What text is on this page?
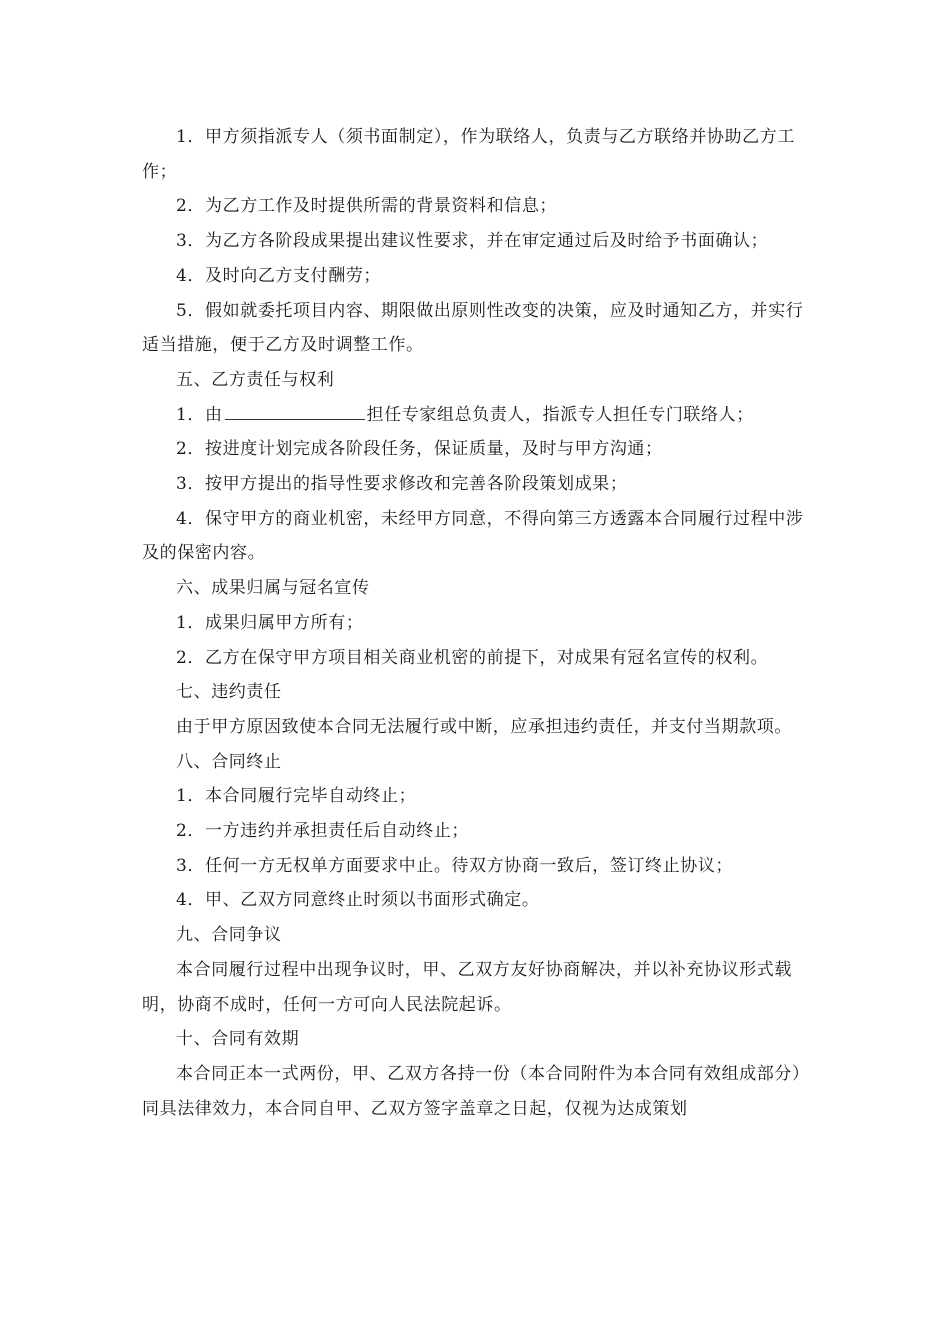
1．甲方须指派专人（须书面制定），作为联络人，负责与乙方联络并协助乙方工作；

2．为乙方工作及时提供所需的背景资料和信息；

3．为乙方各阶段成果提出建议性要求，并在审定通过后及时给予书面确认；

4．及时向乙方支付酬劳；

5．假如就委托项目内容、期限做出原则性改变的决策，应及时通知乙方，并实行适当措施，便于乙方及时调整工作。

五、乙方责任与权利

1．由	担任专家组总负责人，指派专人担任专门联络人；

2．按进度计划完成各阶段任务，保证质量，及时与甲方沟通；

3．按甲方提出的指导性要求修改和完善各阶段策划成果；

4．保守甲方的商业机密，未经甲方同意，不得向第三方透露本合同履行过程中涉及的保密内容。

六、成果归属与冠名宣传

1．成果归属甲方所有；

2．乙方在保守甲方项目相关商业机密的前提下，对成果有冠名宣传的权利。

七、违约责任

由于甲方原因致使本合同无法履行或中断，应承担违约责任，并支付当期款项。

八、合同终止

1．本合同履行完毕自动终止；

2．一方违约并承担责任后自动终止；

3．任何一方无权单方面要求中止。待双方协商一致后，签订终止协议；

4．甲、乙双方同意终止时须以书面形式确定。

九、合同争议

本合同履行过程中出现争议时，甲、乙双方友好协商解决，并以补充协议形式载明，协商不成时，任何一方可向人民法院起诉。

十、合同有效期

本合同正本一式两份，甲、乙双方各持一份（本合同附件为本合同有效组成部分）同具法律效力，本合同自甲、乙双方签字盖章之日起，仅视为达成策划
